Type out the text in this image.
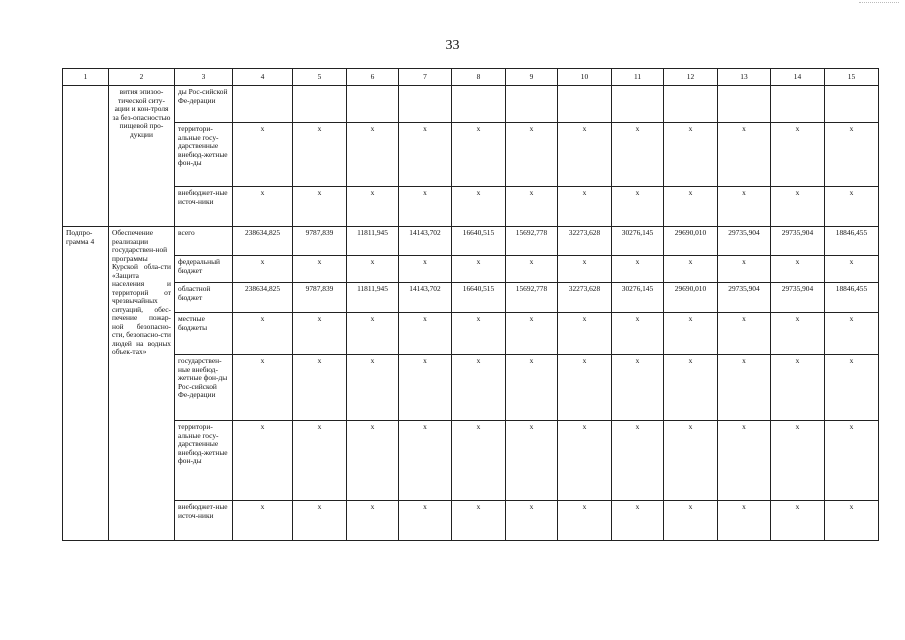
33
1	2	3	4	5	6	7	8	9	10	11	12	13	14	15
	вития эпизоо-тической ситу-ации и кон-троля за без-опасностью пищевой про-дукции	ды Рос-сийской Фе-дерации												
		территори-альные госу-дарственные внебюд-жетные фон-ды	х	х	х	х	х	х	х	х	х	х	х	х
		внебюджет-ные источ-ники	х	х	х	х	х	х	х	х	х	х	х	х
Подпро-грамма 4	Обеспечение реализации государствен-ной программы Курской обла-сти «Защита населения и территорий от чрезвычайных ситуаций, обес-печение пожар-ной безопасно-сти, безопасно-сти людей на водных объек-тах»	всего	238634,825	9787,839	11811,945	14143,702	16640,515	15692,778	32273,628	30276,145	29690,010	29735,904	29735,904	18846,455
		федеральный бюджет	х	х	х	х	х	х	х	х	х	х	х	х
		областной бюджет	238634,825	9787,839	11811,945	14143,702	16640,515	15692,778	32273,628	30276,145	29690,010	29735,904	29735,904	18846,455
		местные бюджеты	х	х	х	х	х	х	х	х	х	х	х	х
		государствен-ные внебюд-жетные фон-ды Рос-сийской Фе-дерации	х	х	х	х	х	х	х	х	х	х	х	х
		территори-альные госу-дарственные внебюд-жетные фон-ды	х	х	х	х	х	х	х	х	х	х	х	х
		внебюджет-ные источ-ники	х	х	х	х	х	х	х	х	х	х	х	х
